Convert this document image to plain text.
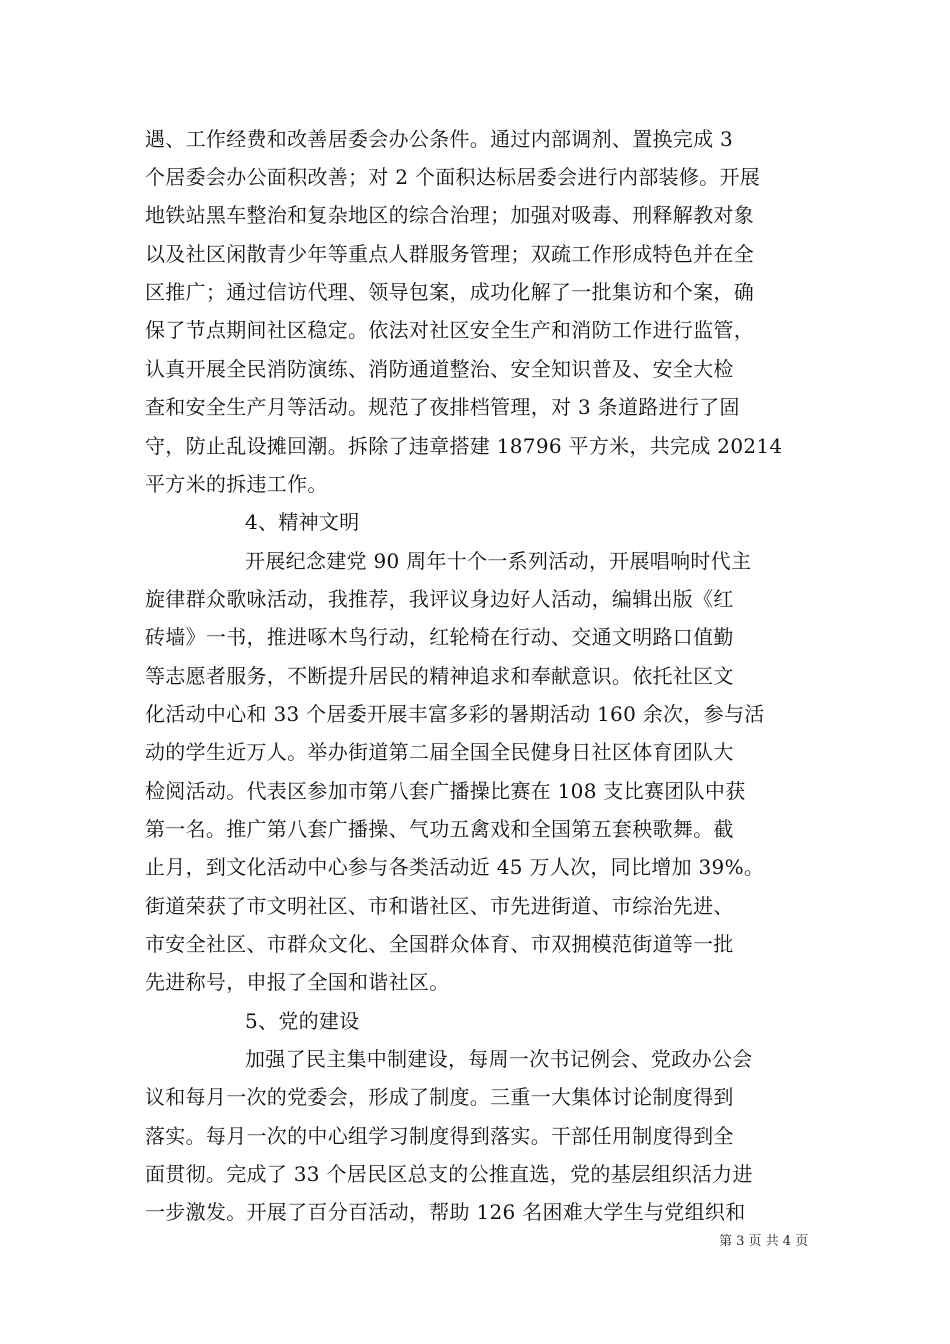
遇、工作经费和改善居委会办公条件。通过内部调剂、置换完成 3
个居委会办公面积改善；对 2 个面积达标居委会进行内部装修。开展
地铁站黑车整治和复杂地区的综合治理；加强对吸毒、刑释解教对象
以及社区闲散青少年等重点人群服务管理；双疏工作形成特色并在全
区推广；通过信访代理、领导包案，成功化解了一批集访和个案，确
保了节点期间社区稳定。依法对社区安全生产和消防工作进行监管，
认真开展全民消防演练、消防通道整治、安全知识普及、安全大检
查和安全生产月等活动。规范了夜排档管理，对 3 条道路进行了固
守，防止乱设摊回潮。拆除了违章搭建 18796 平方米，共完成 20214
平方米的拆违工作。
4、精神文明
开展纪念建党 90 周年十个一系列活动，开展唱响时代主
旋律群众歌咏活动，我推荐，我评议身边好人活动，编辑出版《红
砖墙》一书，推进啄木鸟行动，红轮椅在行动、交通文明路口值勤
等志愿者服务，不断提升居民的精神追求和奉献意识。依托社区文
化活动中心和 33 个居委开展丰富多彩的暑期活动 160 余次，参与活
动的学生近万人。举办街道第二届全国全民健身日社区体育团队大
检阅活动。代表区参加市第八套广播操比赛在 108 支比赛团队中获
第一名。推广第八套广播操、气功五禽戏和全国第五套秧歌舞。截
止月，到文化活动中心参与各类活动近 45 万人次，同比增加 39%。
街道荣获了市文明社区、市和谐社区、市先进街道、市综治先进、
市安全社区、市群众文化、全国群众体育、市双拥模范街道等一批
先进称号，申报了全国和谐社区。
5、党的建设
加强了民主集中制建设，每周一次书记例会、党政办公会
议和每月一次的党委会，形成了制度。三重一大集体讨论制度得到
落实。每月一次的中心组学习制度得到落实。干部任用制度得到全
面贯彻。完成了 33 个居民区总支的公推直选，党的基层组织活力进
一步激发。开展了百分百活动，帮助 126 名困难大学生与党组织和
第 3 页 共 4 页
